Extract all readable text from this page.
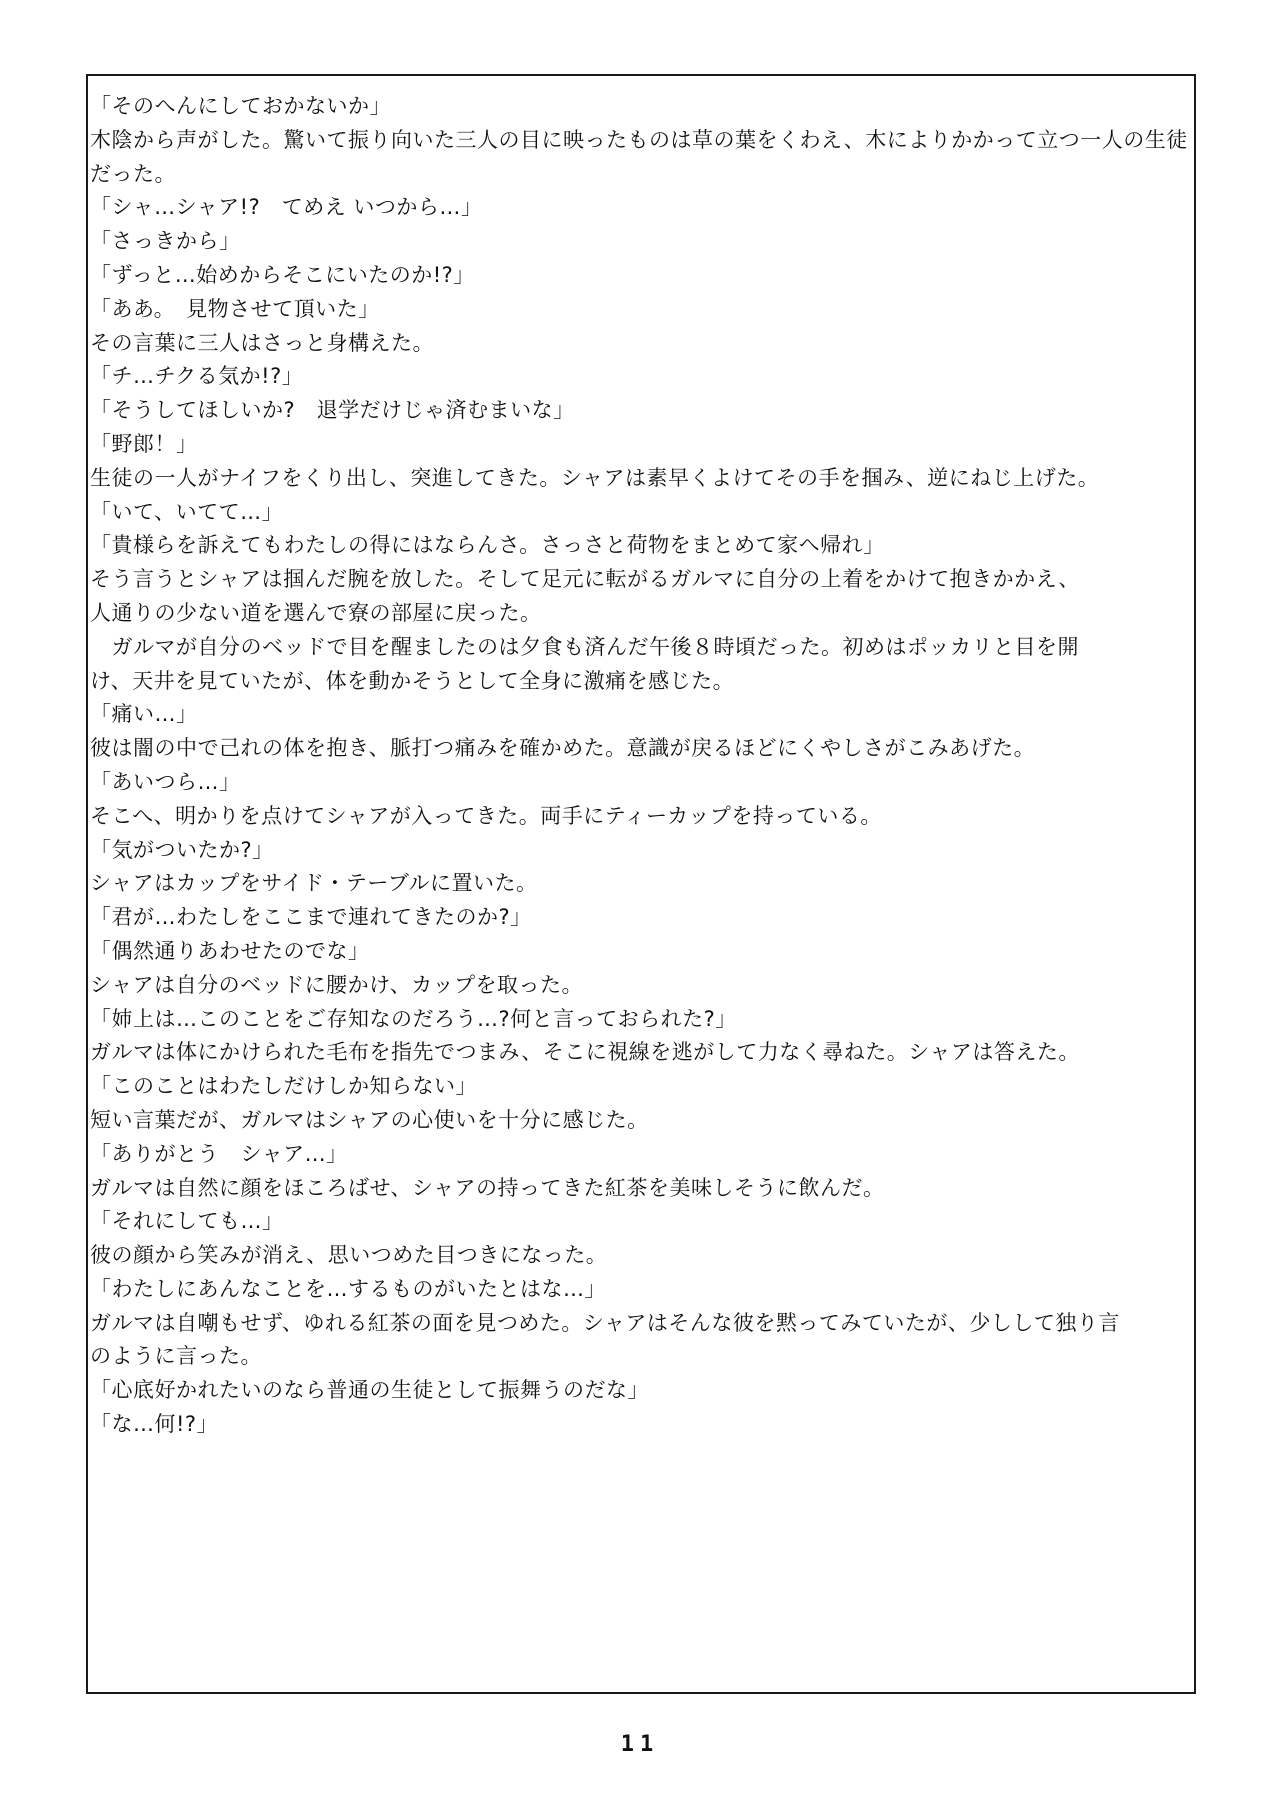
「そのへんにしておかないか」
木陰から声がした。驚いて振り向いた三人の目に映ったものは草の葉をくわえ、木によりかかって立つ一人の生徒
だった。
「シャ…シャア!?　てめえ いつから…」
「さっきから」
「ずっと…始めからそこにいたのか!?」
「ああ。　見物させて頂いた」
その言葉に三人はさっと身構えた。
「チ…チクる気か!?」
「そうしてほしいか?　退学だけじゃ済むまいな」
「野郎！」
生徒の一人がナイフをくり出し、突進してきた。シャアは素早くよけてその手を掴み、逆にねじ上げた。
「いて、いてて…」
「貴様らを訴えてもわたしの得にはならんさ。さっさと荷物をまとめて家へ帰れ」
そう言うとシャアは掴んだ腕を放した。そして足元に転がるガルマに自分の上着をかけて抱きかかえ、
人通りの少ない道を選んで寮の部屋に戻った。
　ガルマが自分のベッドで目を醒ましたのは夕食も済んだ午後８時頃だった。初めはポッカリと目を開
け、天井を見ていたが、体を動かそうとして全身に激痛を感じた。
「痛い…」
彼は闇の中で己れの体を抱き、脈打つ痛みを確かめた。意識が戻るほどにくやしさがこみあげた。
「あいつら…」
そこへ、明かりを点けてシャアが入ってきた。両手にティーカップを持っている。
「気がついたか?」
シャアはカップをサイド・テーブルに置いた。
「君が…わたしをここまで連れてきたのか?」
「偶然通りあわせたのでな」
シャアは自分のベッドに腰かけ、カップを取った。
「姉上は…このことをご存知なのだろう…?何と言っておられた?」
ガルマは体にかけられた毛布を指先でつまみ、そこに視線を逃がして力なく尋ねた。シャアは答えた。
「このことはわたしだけしか知らない」
短い言葉だが、ガルマはシャアの心使いを十分に感じた。
「ありがとう　シャア…」
ガルマは自然に顔をほころばせ、シャアの持ってきた紅茶を美味しそうに飲んだ。
「それにしても…」
彼の顔から笑みが消え、思いつめた目つきになった。
「わたしにあんなことを…するものがいたとはな…」
ガルマは自嘲もせず、ゆれる紅茶の面を見つめた。シャアはそんな彼を黙ってみていたが、少しして独り言
のように言った。
「心底好かれたいのなら普通の生徒として振舞うのだな」
「な…何!?」
11
